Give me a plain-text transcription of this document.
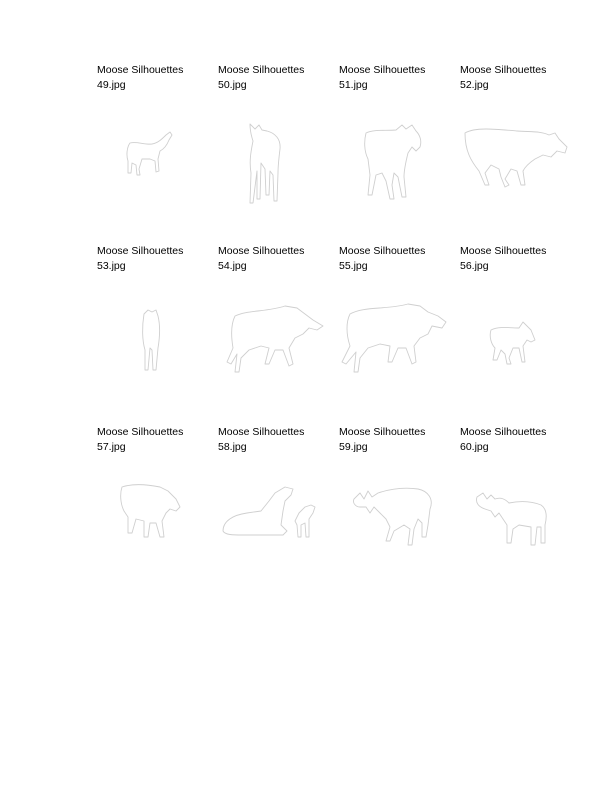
Moose Silhouettes
49.jpg
Moose Silhouettes
50.jpg
Moose Silhouettes
51.jpg
Moose Silhouettes
52.jpg
Moose Silhouettes
53.jpg
Moose Silhouettes
54.jpg
Moose Silhouettes
55.jpg
Moose Silhouettes
56.jpg
Moose Silhouettes
57.jpg
Moose Silhouettes
58.jpg
Moose Silhouettes
59.jpg
Moose Silhouettes
60.jpg
